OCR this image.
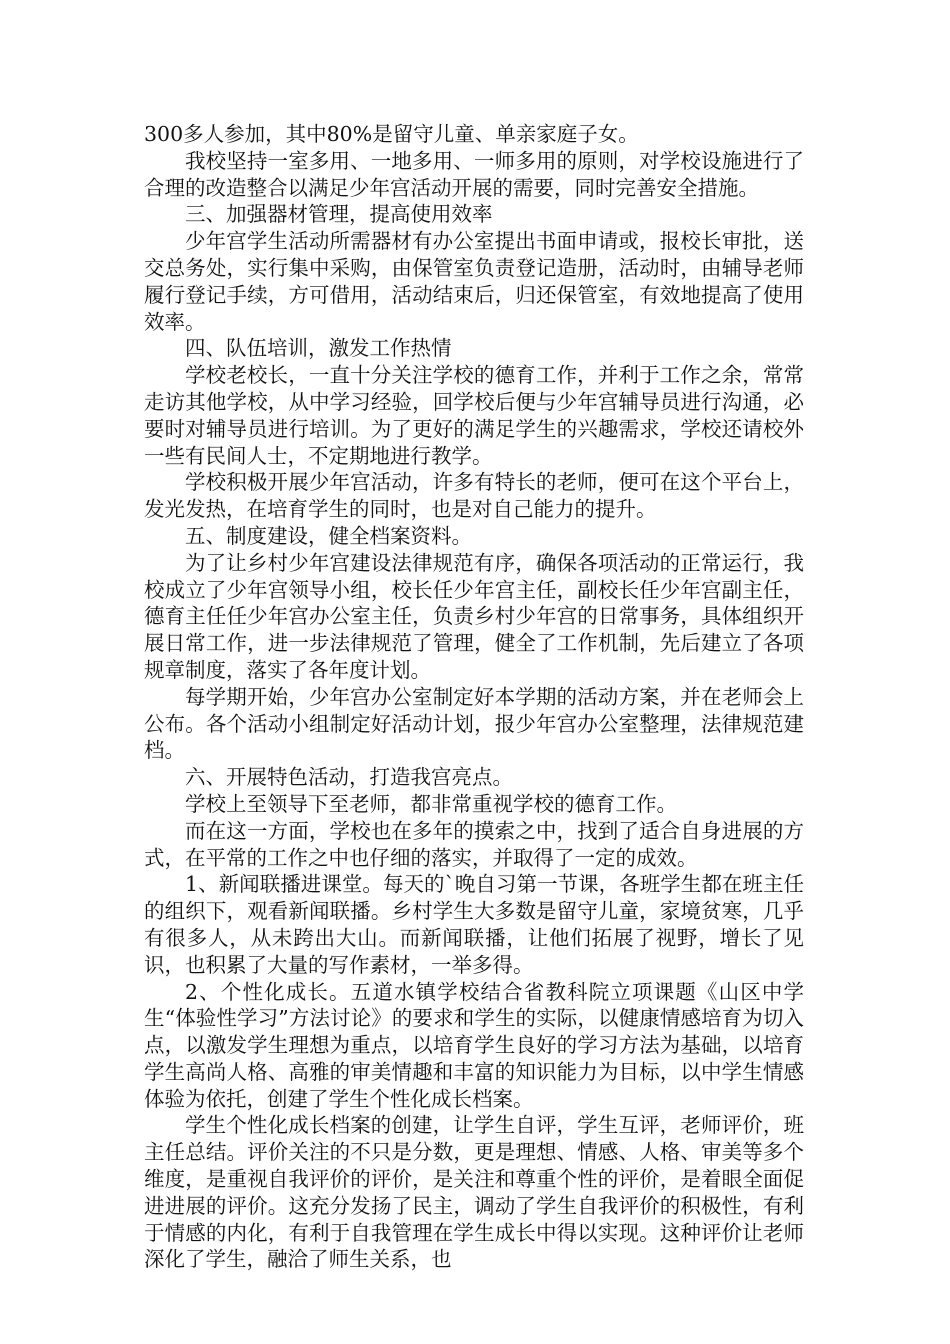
300多人参加，其中80%是留守儿童、单亲家庭子女。

我校坚持一室多用、一地多用、一师多用的原则，对学校设施进行了合理的改造整合以满足少年宫活动开展的需要，同时完善安全措施。

三、加强器材管理，提高使用效率

少年宫学生活动所需器材有办公室提出书面申请或，报校长审批，送交总务处，实行集中采购，由保管室负责登记造册，活动时，由辅导老师履行登记手续，方可借用，活动结束后，归还保管室，有效地提高了使用效率。

四、队伍培训，激发工作热情

学校老校长，一直十分关注学校的德育工作，并利于工作之余，常常走访其他学校，从中学习经验，回学校后便与少年宫辅导员进行沟通，必要时对辅导员进行培训。为了更好的满足学生的兴趣需求，学校还请校外一些有民间人士，不定期地进行教学。

学校积极开展少年宫活动，许多有特长的老师，便可在这个平台上，发光发热，在培育学生的同时，也是对自己能力的提升。

五、制度建设，健全档案资料。

为了让乡村少年宫建设法律规范有序，确保各项活动的正常运行，我校成立了少年宫领导小组，校长任少年宫主任，副校长任少年宫副主任，德育主任任少年宫办公室主任，负责乡村少年宫的日常事务，具体组织开展日常工作，进一步法律规范了管理，健全了工作机制，先后建立了各项规章制度，落实了各年度计划。

每学期开始，少年宫办公室制定好本学期的活动方案，并在老师会上公布。各个活动小组制定好活动计划，报少年宫办公室整理，法律规范建档。

六、开展特色活动，打造我宫亮点。

学校上至领导下至老师，都非常重视学校的德育工作。

而在这一方面，学校也在多年的摸索之中，找到了适合自身进展的方式，在平常的工作之中也仔细的落实，并取得了一定的成效。

1、新闻联播进课堂。每天的`晚自习第一节课，各班学生都在班主任的组织下，观看新闻联播。乡村学生大多数是留守儿童，家境贫寒，几乎有很多人，从未跨出大山。而新闻联播，让他们拓展了视野，增长了见识，也积累了大量的写作素材，一举多得。

2、个性化成长。五道水镇学校结合省教科院立项课题《山区中学生“体验性学习”方法讨论》的要求和学生的实际，以健康情感培育为切入点，以激发学生理想为重点，以培育学生良好的学习方法为基础，以培育学生高尚人格、高雅的审美情趣和丰富的知识能力为目标，以中学生情感体验为依托，创建了学生个性化成长档案。

学生个性化成长档案的创建，让学生自评，学生互评，老师评价，班主任总结。评价关注的不只是分数，更是理想、情感、人格、审美等多个维度，是重视自我评价的评价，是关注和尊重个性的评价，是着眼全面促进进展的评价。这充分发扬了民主，调动了学生自我评价的积极性，有利于情感的内化，有利于自我管理在学生成长中得以实现。这种评价让老师深化了学生，融洽了师生关系，也
